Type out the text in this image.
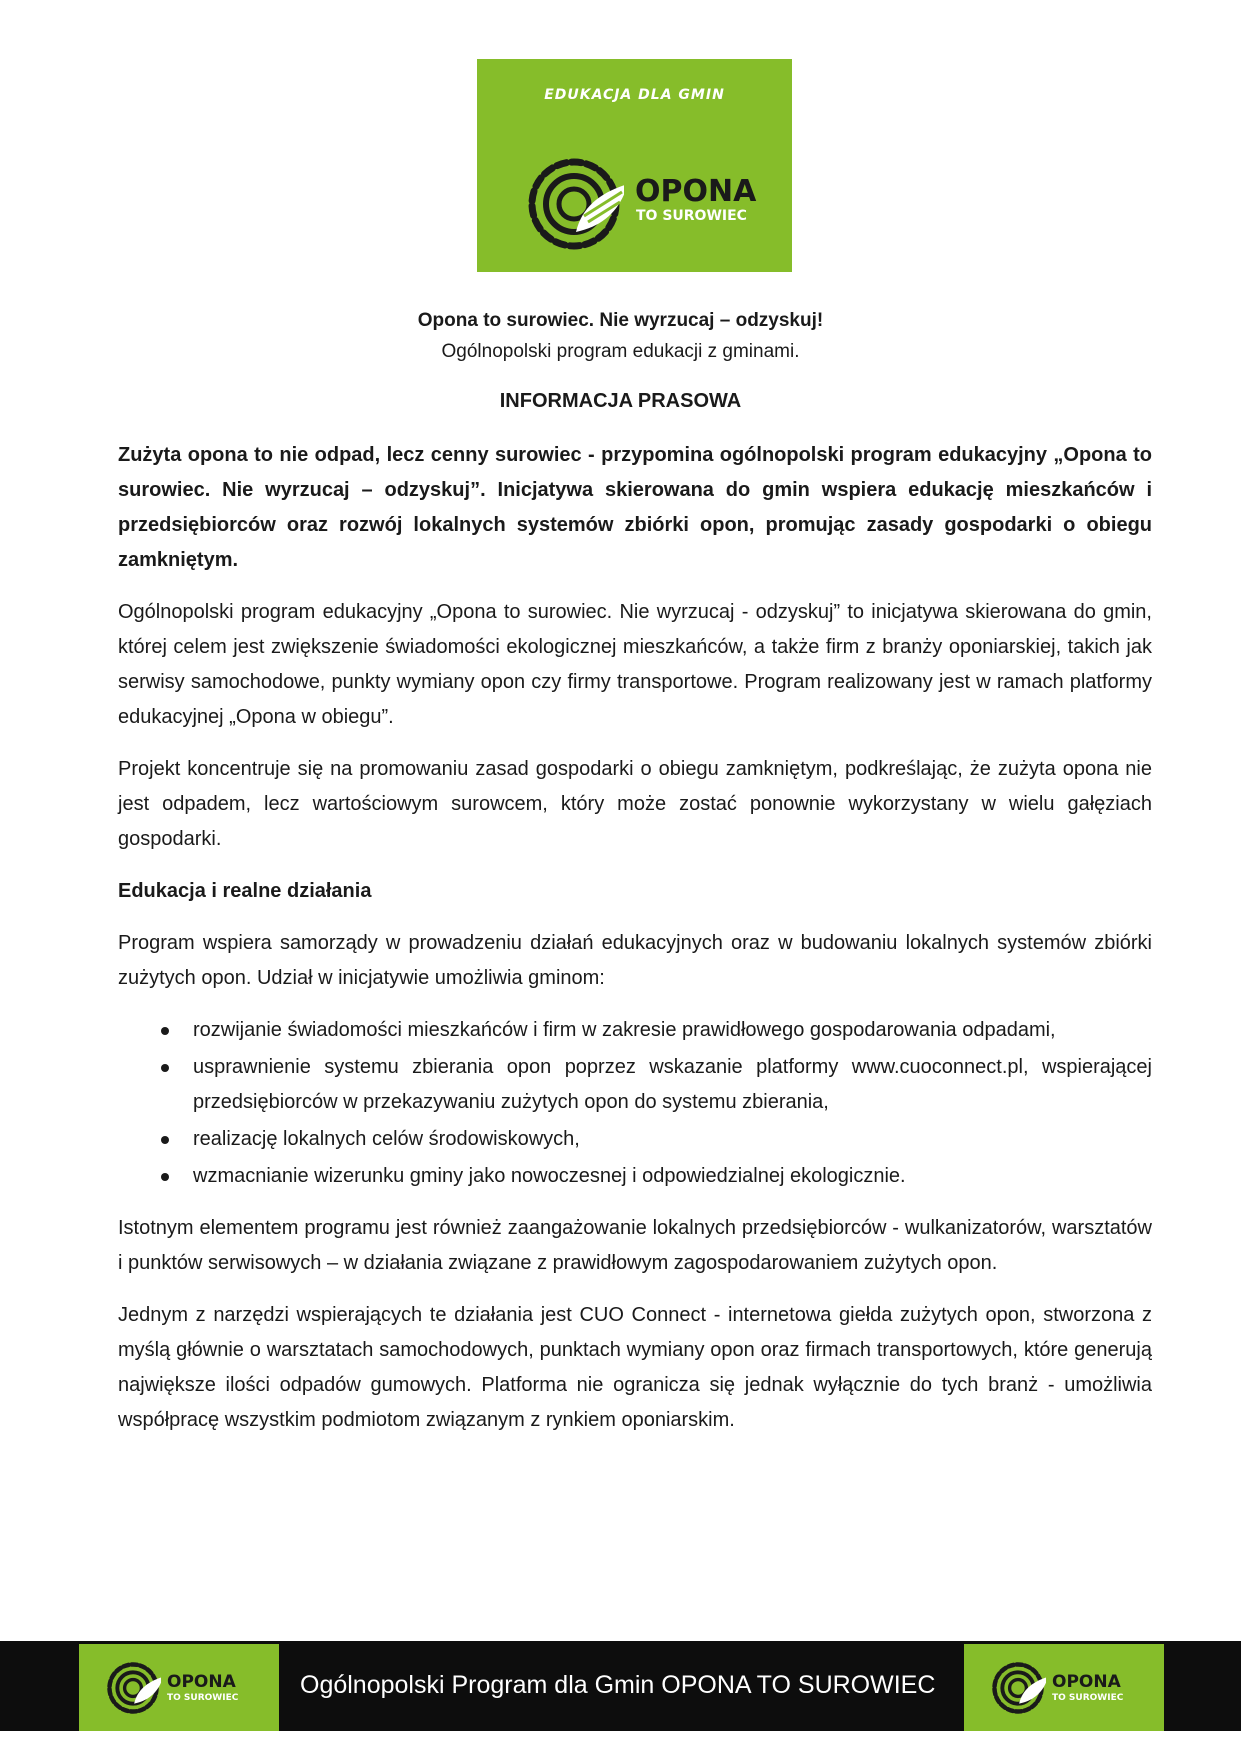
EDUKACJA DLA GMIN
OPONA
TO SUROWIEC
Opona to surowiec. Nie wyrzucaj – odzyskuj!
Ogólnopolski program edukacji z gminami.
INFORMACJA PRASOWA

Zużyta opona to nie odpad, lecz cenny surowiec - przypomina ogólnopolski program edukacyjny „Opona to surowiec. Nie wyrzucaj – odzyskuj”. Inicjatywa skierowana do gmin wspiera edukację mieszkańców i przedsiębiorców oraz rozwój lokalnych systemów zbiórki opon, promując zasady gospodarki o obiegu zamkniętym.

Ogólnopolski program edukacyjny „Opona to surowiec. Nie wyrzucaj - odzyskuj” to inicjatywa skierowana do gmin, której celem jest zwiększenie świadomości ekologicznej mieszkańców, a także firm z branży oponiarskiej, takich jak serwisy samochodowe, punkty wymiany opon czy firmy transportowe. Program realizowany jest w ramach platformy edukacyjnej „Opona w obiegu”.

Projekt koncentruje się na promowaniu zasad gospodarki o obiegu zamkniętym, podkreślając, że zużyta opona nie jest odpadem, lecz wartościowym surowcem, który może zostać ponownie wykorzystany w wielu gałęziach gospodarki.

Edukacja i realne działania

Program wspiera samorządy w prowadzeniu działań edukacyjnych oraz w budowaniu lokalnych systemów zbiórki zużytych opon. Udział w inicjatywie umożliwia gminom:

rozwijanie świadomości mieszkańców i firm w zakresie prawidłowego gospodarowania odpadami,
usprawnienie systemu zbierania opon poprzez wskazanie platformy www.cuoconnect.pl, wspierającej przedsiębiorców w przekazywaniu zużytych opon do systemu zbierania,
realizację lokalnych celów środowiskowych,
wzmacnianie wizerunku gminy jako nowoczesnej i odpowiedzialnej ekologicznie.

Istotnym elementem programu jest również zaangażowanie lokalnych przedsiębiorców - wulkanizatorów, warsztatów i punktów serwisowych – w działania związane z prawidłowym zagospodarowaniem zużytych opon.

Jednym z narzędzi wspierających te działania jest CUO Connect - internetowa giełda zużytych opon, stworzona z myślą głównie o warsztatach samochodowych, punktach wymiany opon oraz firmach transportowych, które generują największe ilości odpadów gumowych. Platforma nie ogranicza się jednak wyłącznie do tych branż - umożliwia współpracę wszystkim podmiotom związanym z rynkiem oponiarskim.

OPONA
TO SUROWIEC Ogólnopolski Program dla Gmin OPONA TO SUROWIEC	OPONA
TO SUROWIEC
